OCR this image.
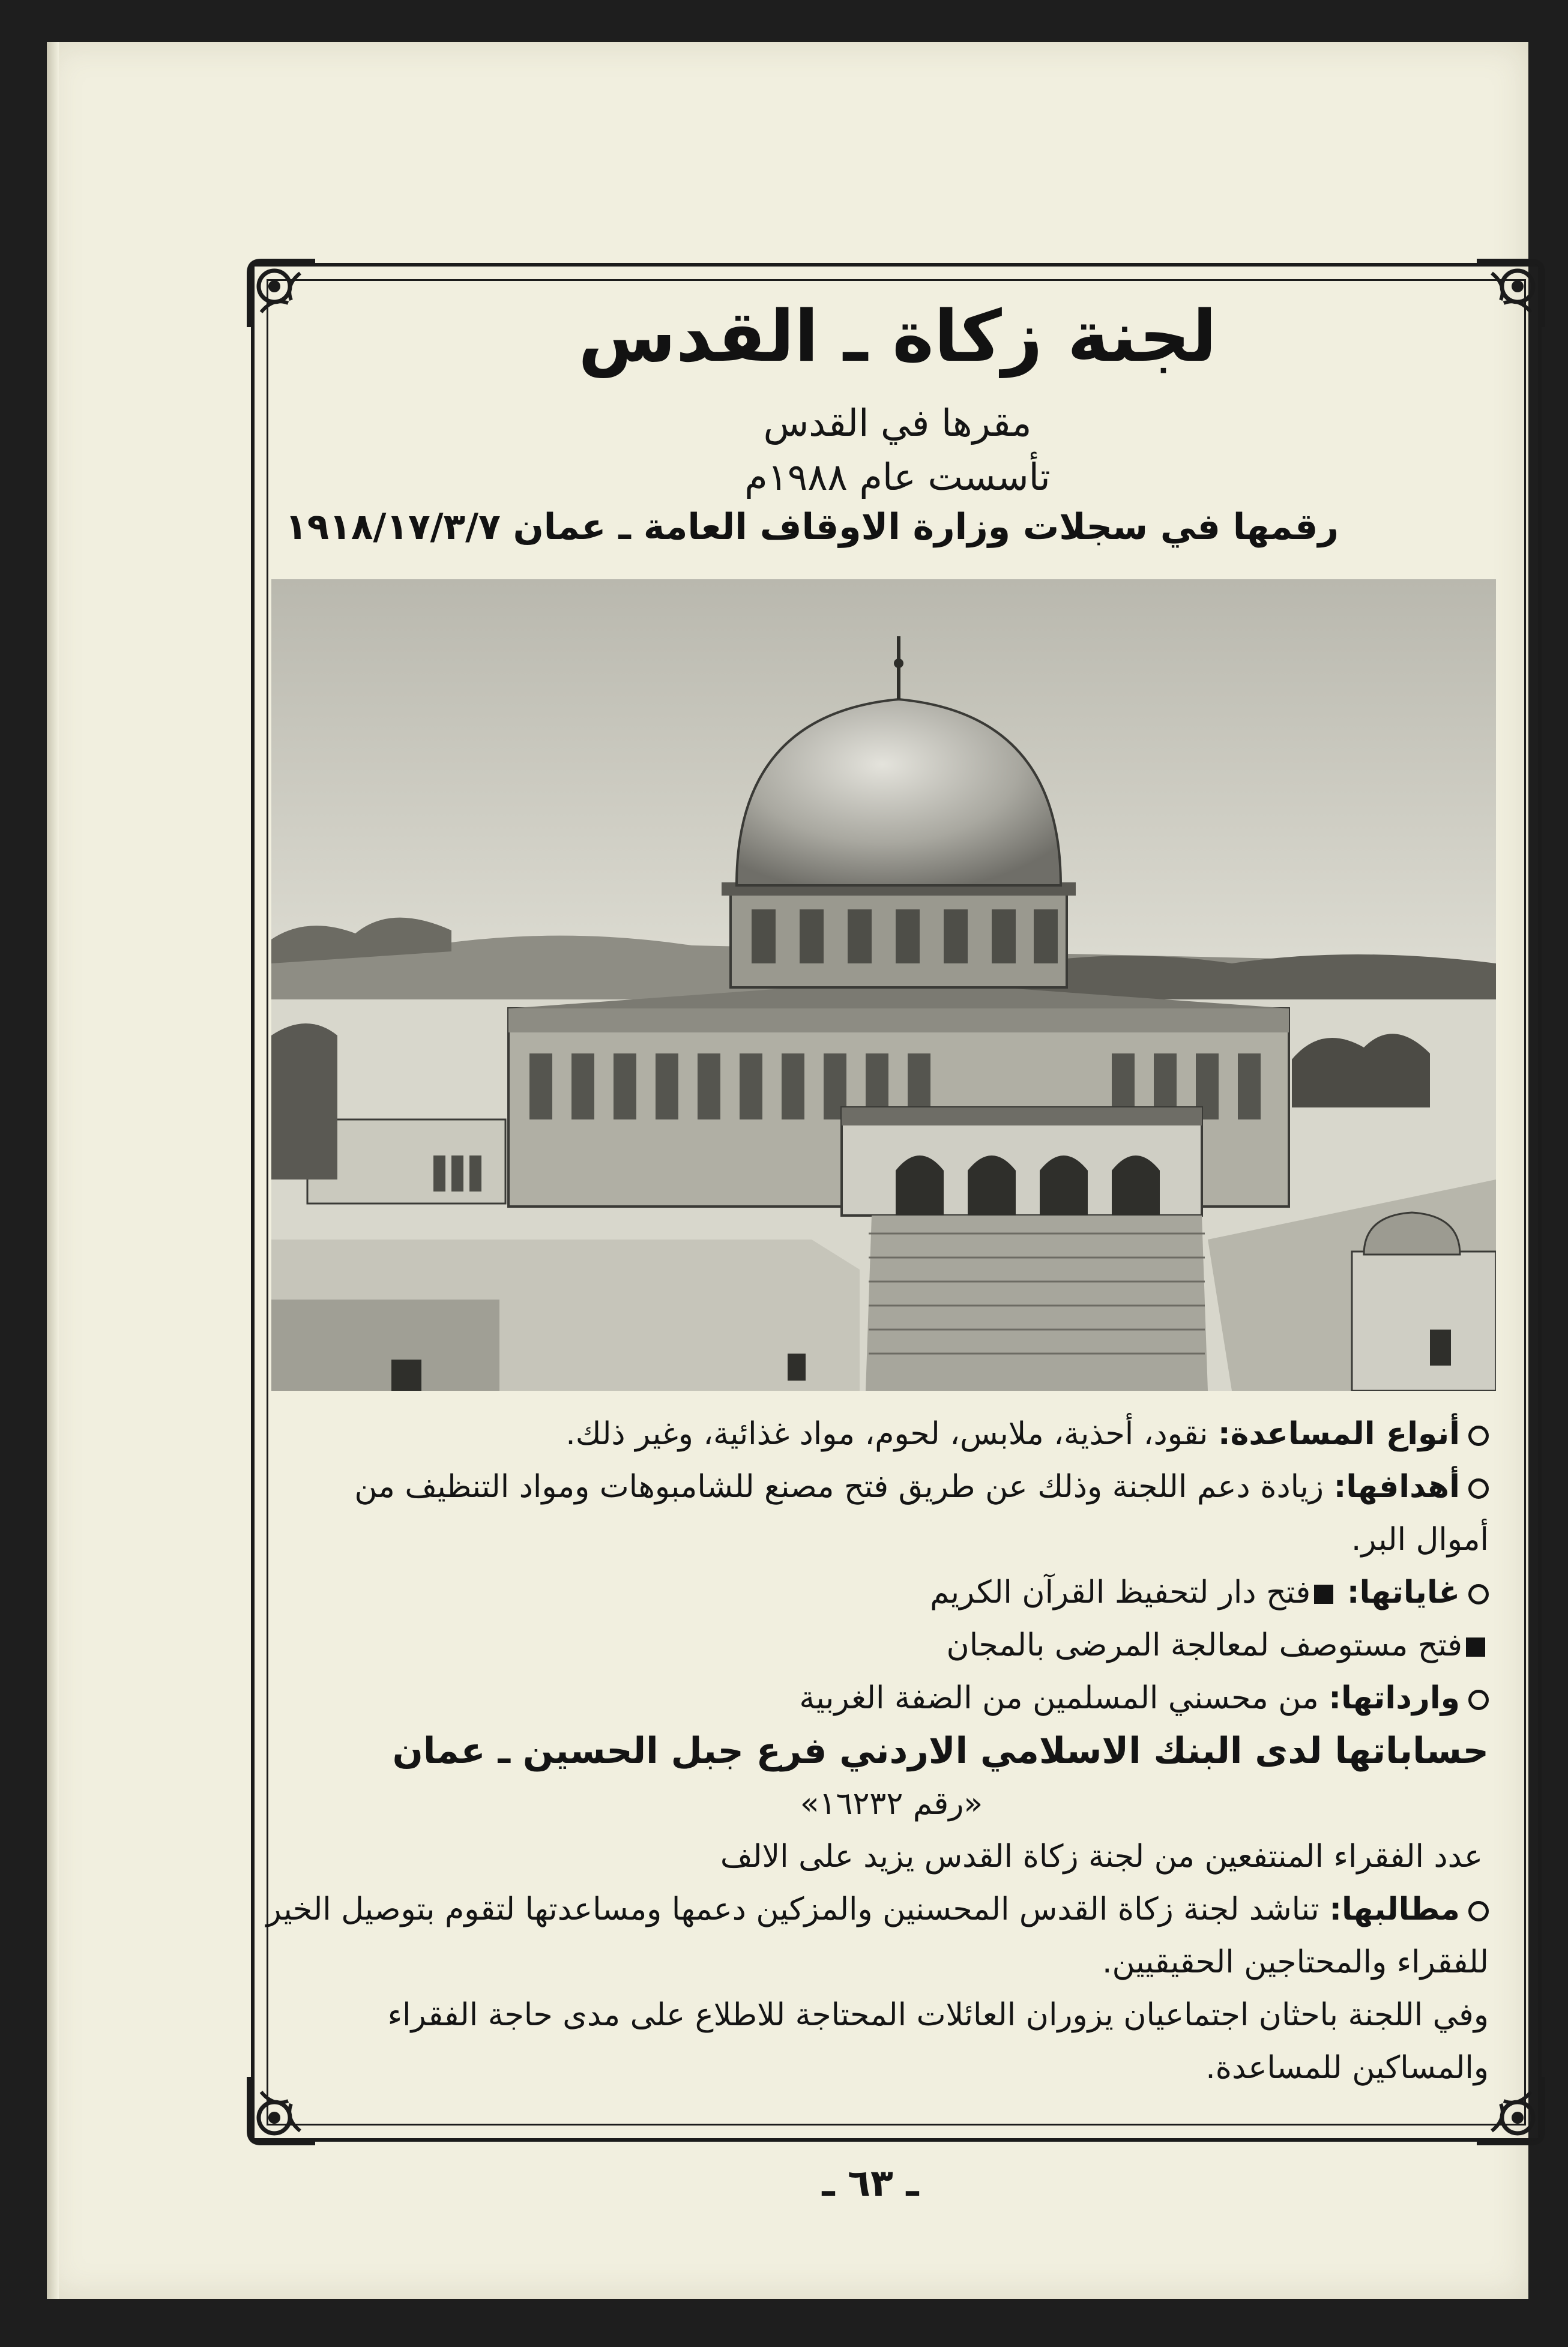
لجنة زكاة ـ القدس
مقرها في القدس
تأسست عام ١٩٨٨م
رقمها في سجلات وزارة الاوقاف العامة ـ عمان ١٩١٨/١٧/٣/٧
أنواع المساعدة: نقود، أحذية، ملابس، لحوم، مواد غذائية، وغير ذلك.
أهدافها: زيادة دعم اللجنة وذلك عن طريق فتح مصنع للشامبوهات ومواد التنظيف من
أموال البر.
غاياتها: فتح دار لتحفيظ القرآن الكريم
فتح مستوصف لمعالجة المرضى بالمجان
وارداتها: من محسني المسلمين من الضفة الغربية
حساباتها لدى البنك الاسلامي الاردني فرع جبل الحسين ـ عمان
«رقم ١٦٢٣٢»
عدد الفقراء المنتفعين من لجنة زكاة القدس يزيد على الالف
مطالبها: تناشد لجنة زكاة القدس المحسنين والمزكين دعمها ومساعدتها لتقوم بتوصيل الخير
للفقراء والمحتاجين الحقيقيين.
وفي اللجنة باحثان اجتماعيان يزوران العائلات المحتاجة للاطلاع على مدى حاجة الفقراء
والمساكين للمساعدة.
ـ ٦٣ ـ
